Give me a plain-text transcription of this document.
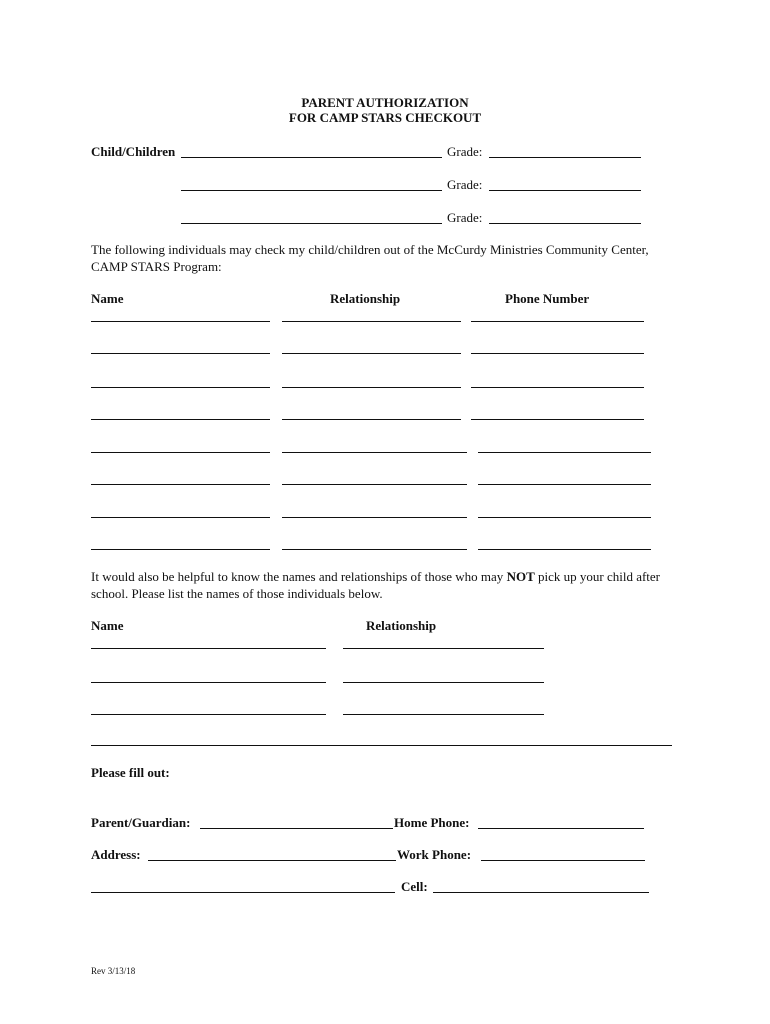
PARENT AUTHORIZATION
FOR CAMP STARS CHECKOUT
Child/Children	Grade:
Grade:
Grade:
The following individuals may check my child/children out of the McCurdy Ministries Community Center, CAMP STARS Program:
Name	Relationship	Phone Number
It would also be helpful to know the names and relationships of those who may NOT pick up your child after school. Please list the names of those individuals below.
Name	Relationship
Please fill out:
Parent/Guardian:	Home Phone:
Address:	Work Phone:
Cell:
Rev 3/13/18
